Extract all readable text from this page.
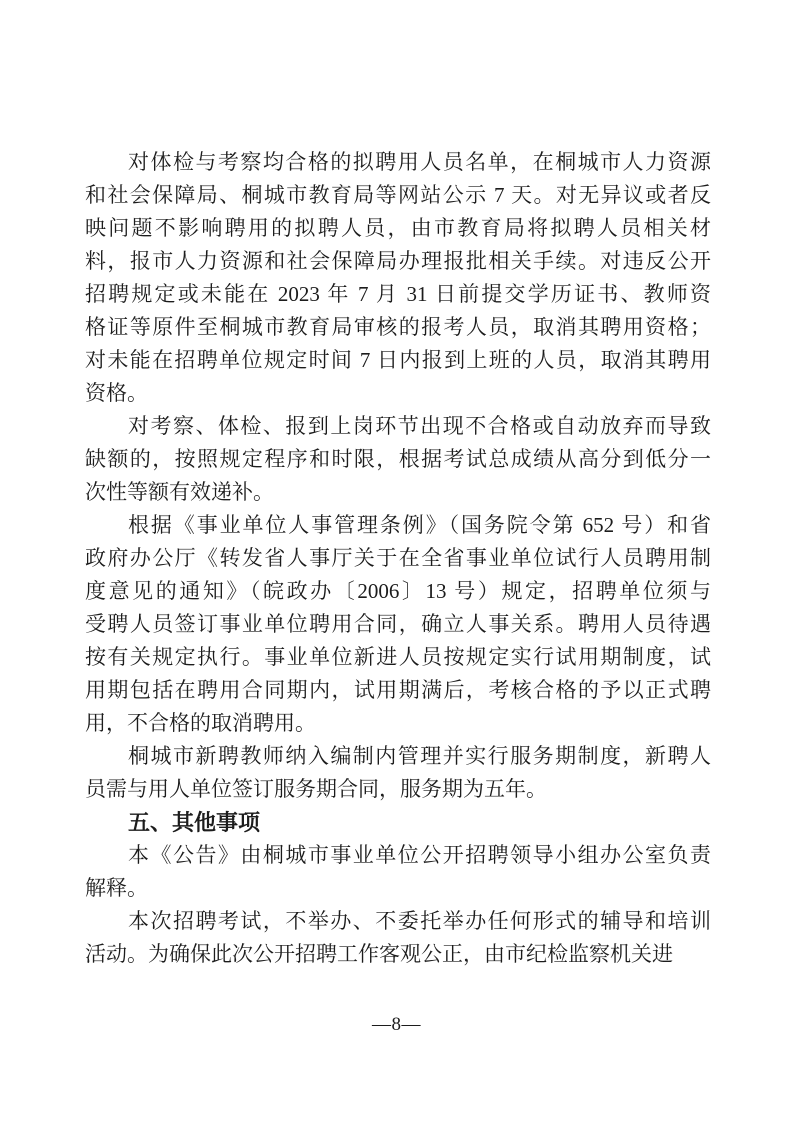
对体检与考察均合格的拟聘用人员名单，在桐城市人力资源
和社会保障局、桐城市教育局等网站公示 7 天。对无异议或者反
映问题不影响聘用的拟聘人员，由市教育局将拟聘人员相关材
料，报市人力资源和社会保障局办理报批相关手续。对违反公开
招聘规定或未能在 2023 年 7 月 31 日前提交学历证书、教师资
格证等原件至桐城市教育局审核的报考人员，取消其聘用资格；
对未能在招聘单位规定时间 7 日内报到上班的人员，取消其聘用
资格。
对考察、体检、报到上岗环节出现不合格或自动放弃而导致
缺额的，按照规定程序和时限，根据考试总成绩从高分到低分一
次性等额有效递补。
根据《事业单位人事管理条例》（国务院令第 652 号）和省
政府办公厅《转发省人事厅关于在全省事业单位试行人员聘用制
度意见的通知》（皖政办〔2006〕13 号）规定，招聘单位须与
受聘人员签订事业单位聘用合同，确立人事关系。聘用人员待遇
按有关规定执行。事业单位新进人员按规定实行试用期制度，试
用期包括在聘用合同期内，试用期满后，考核合格的予以正式聘
用，不合格的取消聘用。
桐城市新聘教师纳入编制内管理并实行服务期制度，新聘人
员需与用人单位签订服务期合同，服务期为五年。
五、其他事项
本《公告》由桐城市事业单位公开招聘领导小组办公室负责
解释。
本次招聘考试，不举办、不委托举办任何形式的辅导和培训
活动。为确保此次公开招聘工作客观公正，由市纪检监察机关进
—8—
